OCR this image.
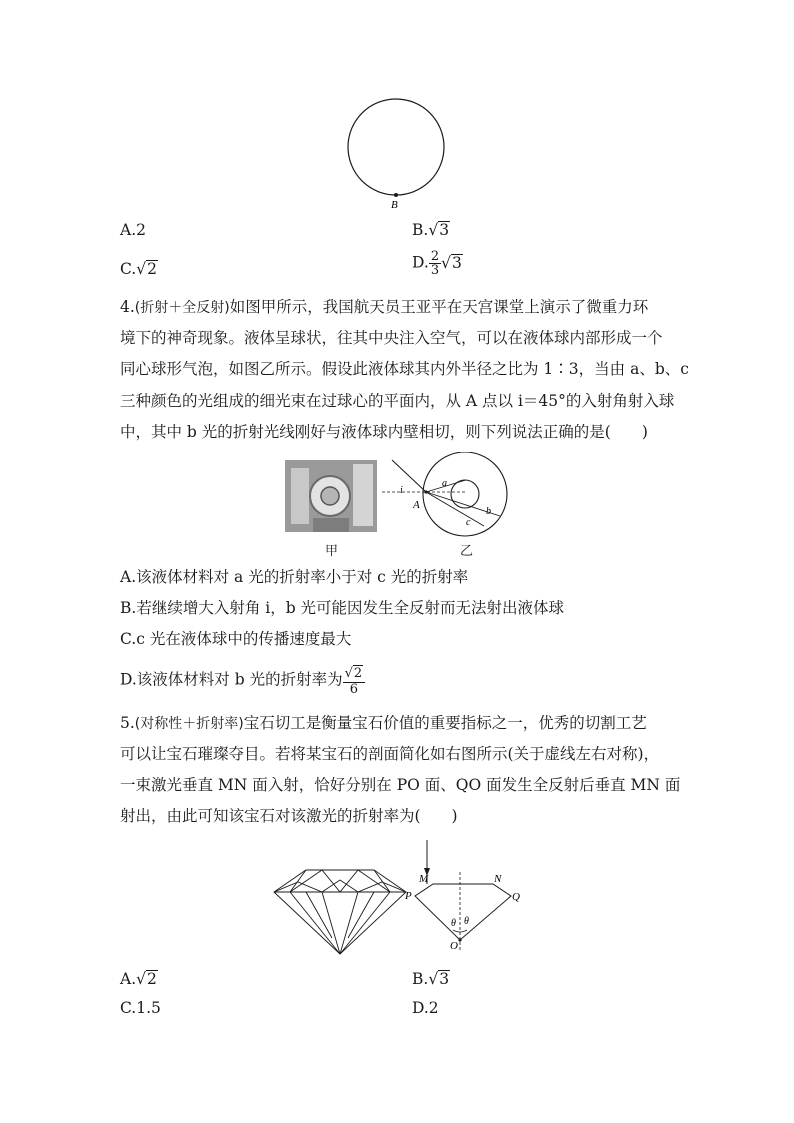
B
A.2	B.√3
C.√2	D. $\frac{2}{3} √3$
4.(折射＋全反射)如图甲所示，我国航天员王亚平在天宫课堂上演示了微重力环
境下的神奇现象。液体呈球状，往其中央注入空气，可以在液体球内部形成一个
同心球形气泡，如图乙所示。假设此液体球其内外半径之比为 1∶3，当由 a、b、c
三种颜色的光组成的细光束在过球心的平面内，从 A 点以 i＝45°的入射角射入球
中，其中 b 光的折射光线刚好与液体球内壁相切，则下列说法正确的是(　　)
i
A
a
b
c
甲	乙
A.该液体材料对 a 光的折射率小于对 c 光的折射率
B.若继续增大入射角 i，b 光可能因发生全反射而无法射出液体球
C.c 光在液体球中的传播速度最大
D.该液体材料对 b 光的折射率为 $\frac{√2}{6}$
5.(对称性＋折射率)宝石切工是衡量宝石价值的重要指标之一，优秀的切割工艺
可以让宝石璀璨夺目。若将某宝石的剖面简化如右图所示(关于虚线左右对称)，
一束激光垂直 MN 面入射，恰好分别在 PO 面、QO 面发生全反射后垂直 MN 面
射出，由此可知该宝石对该激光的折射率为(　　)
M	N
P	Q
O
θ θ
A.√2	B.√3
C.1.5	D.2
